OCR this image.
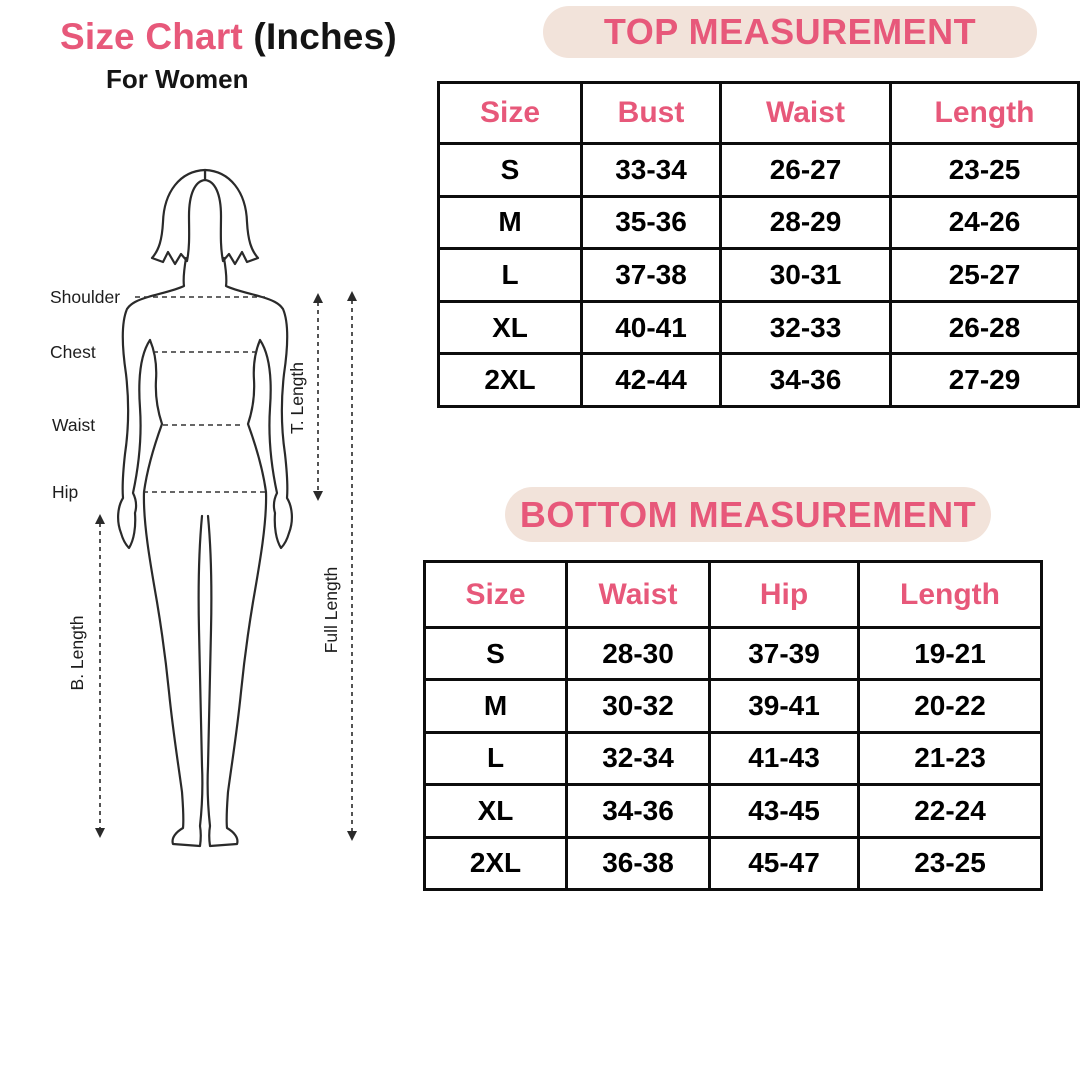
Size Chart (Inches)
For Women
Shoulder
Chest
Waist
Hip
T. Length
Full Length
B. Length
TOP MEASUREMENT
Size	Bust	Waist	Length
S	33-34	26-27	23-25
M	35-36	28-29	24-26
L	37-38	30-31	25-27
XL	40-41	32-33	26-28
2XL	42-44	34-36	27-29
BOTTOM MEASUREMENT
Size	Waist	Hip	Length
S	28-30	37-39	19-21
M	30-32	39-41	20-22
L	32-34	41-43	21-23
XL	34-36	43-45	22-24
2XL	36-38	45-47	23-25
